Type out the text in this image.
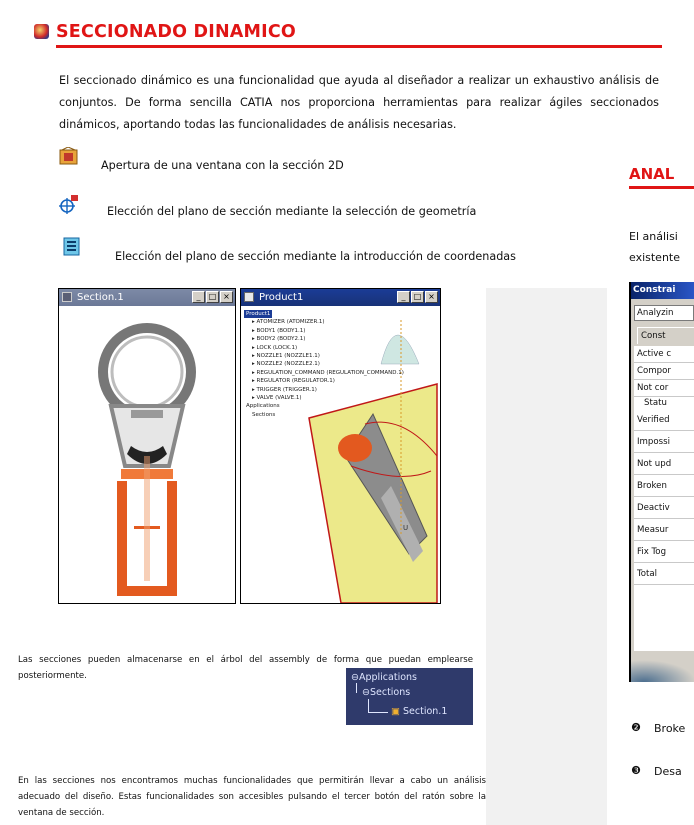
SECCIONADO DINAMICO
El seccionado dinámico es una funcionalidad que ayuda al diseñador a realizar un exhaustivo análisis de conjuntos. De forma sencilla CATIA nos proporciona herramientas para realizar ágiles seccionados dinámicos, aportando todas las funcionalidades de análisis necesarias.
Apertura de una ventana con la sección 2D
Elección del plano de sección mediante la selección de geometría
Elección del plano de sección mediante la introducción de coordenadas
Section.1	_	□ ×	Product1	_	□ ×
U
Product1
▸ ATOMIZER (ATOMIZER.1)
▸ BODY1 (BODY1.1)
▸ BODY2 (BODY2.1)
▸ LOCK (LOCK.1)
▸ NOZZLE1 (NOZZLE1.1)
▸ NOZZLE2 (NOZZLE2.1)
▸ REGULATION_COMMAND (REGULATION_COMMAND.1)
▸ REGULATOR (REGULATOR.1)
▸ TRIGGER (TRIGGER.1)
▸ VALVE (VALVE.1)
Applications
Sections
Las secciones pueden almacenarse en el árbol del assembly de forma que puedan emplearse posteriormente.	⊖Applications
⊖Sections
▣ Section.1
En las secciones nos encontramos muchas funcionalidades que permitirán llevar a cabo un análisis adecuado del diseño. Estas funcionalidades son accesibles pulsando el tercer botón del ratón sobre la ventana de sección.
ANAL
El análisi
existente
Constrai
Analyzin
Const
Active c
Compor
Not cor
Statu
Verified
Impossi
Not upd
Broken
Deactiv
Measur
Fix Tog
Total
❷ Broke
❸ Desa
